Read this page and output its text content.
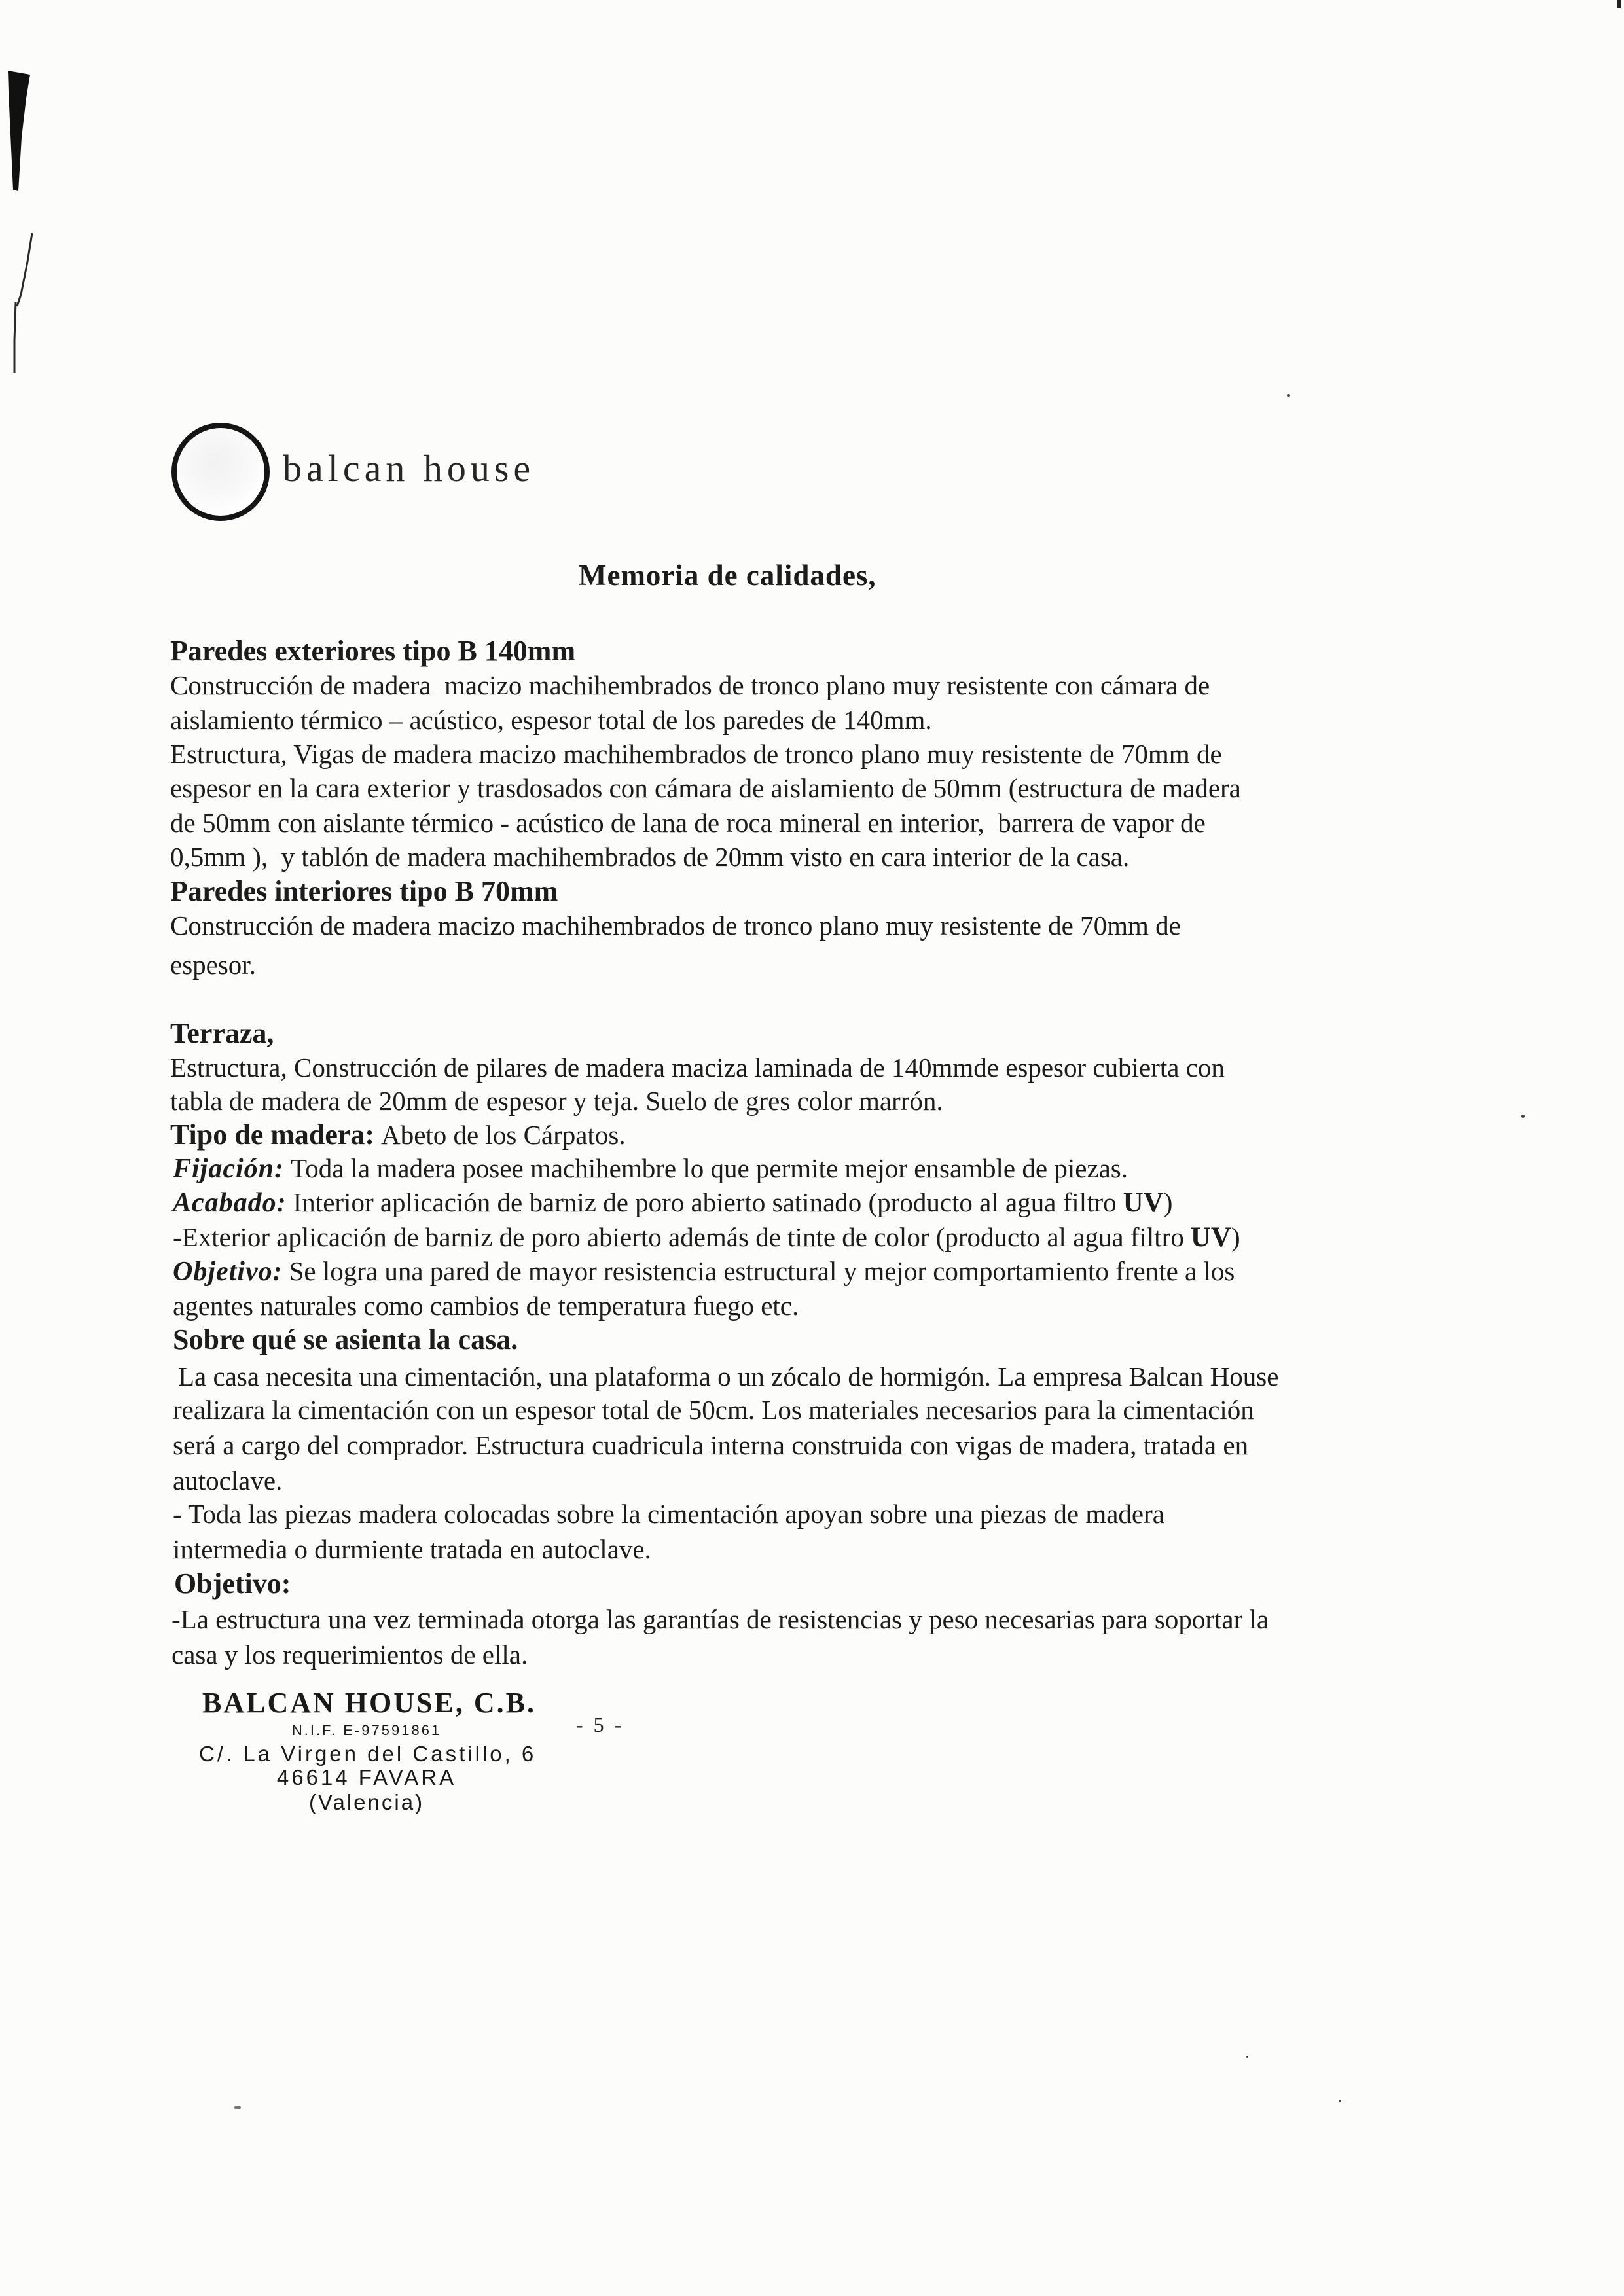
balcan house
Memoria de calidades,
Paredes exteriores tipo B 140mm
Construcción de madera  macizo machihembrados de tronco plano muy resistente con cámara de
aislamiento térmico – acústico, espesor total de los paredes de 140mm.
Estructura, Vigas de madera macizo machihembrados de tronco plano muy resistente de 70mm de
espesor en la cara exterior y trasdosados con cámara de aislamiento de 50mm (estructura de madera
de 50mm con aislante térmico - acústico de lana de roca mineral en interior,  barrera de vapor de
0,5mm ),  y tablón de madera machihembrados de 20mm visto en cara interior de la casa.
Paredes interiores tipo B 70mm
Construcción de madera macizo machihembrados de tronco plano muy resistente de 70mm de
espesor.
Terraza,
Estructura, Construcción de pilares de madera maciza laminada de 140mmde espesor cubierta con
tabla de madera de 20mm de espesor y teja. Suelo de gres color marrón.
Tipo de madera: Abeto de los Cárpatos.
Fijación: Toda la madera posee machihembre lo que permite mejor ensamble de piezas.
Acabado: Interior aplicación de barniz de poro abierto satinado (producto al agua filtro UV)
-Exterior aplicación de barniz de poro abierto además de tinte de color (producto al agua filtro UV)
Objetivo: Se logra una pared de mayor resistencia estructural y mejor comportamiento frente a los
agentes naturales como cambios de temperatura fuego etc.
Sobre qué se asienta la casa.
La casa necesita una cimentación, una plataforma o un zócalo de hormigón. La empresa Balcan House
realizara la cimentación con un espesor total de 50cm. Los materiales necesarios para la cimentación
será a cargo del comprador. Estructura cuadricula interna construida con vigas de madera, tratada en
autoclave.
- Toda las piezas madera colocadas sobre la cimentación apoyan sobre una piezas de madera
intermedia o durmiente tratada en autoclave.
Objetivo:
-La estructura una vez terminada otorga las garantías de resistencias y peso necesarias para soportar la
casa y los requerimientos de ella.
BALCAN HOUSE, C.B.
N.I.F. E-97591861
C/. La Virgen del Castillo, 6
46614 FAVARA
(Valencia)
- 5 -
